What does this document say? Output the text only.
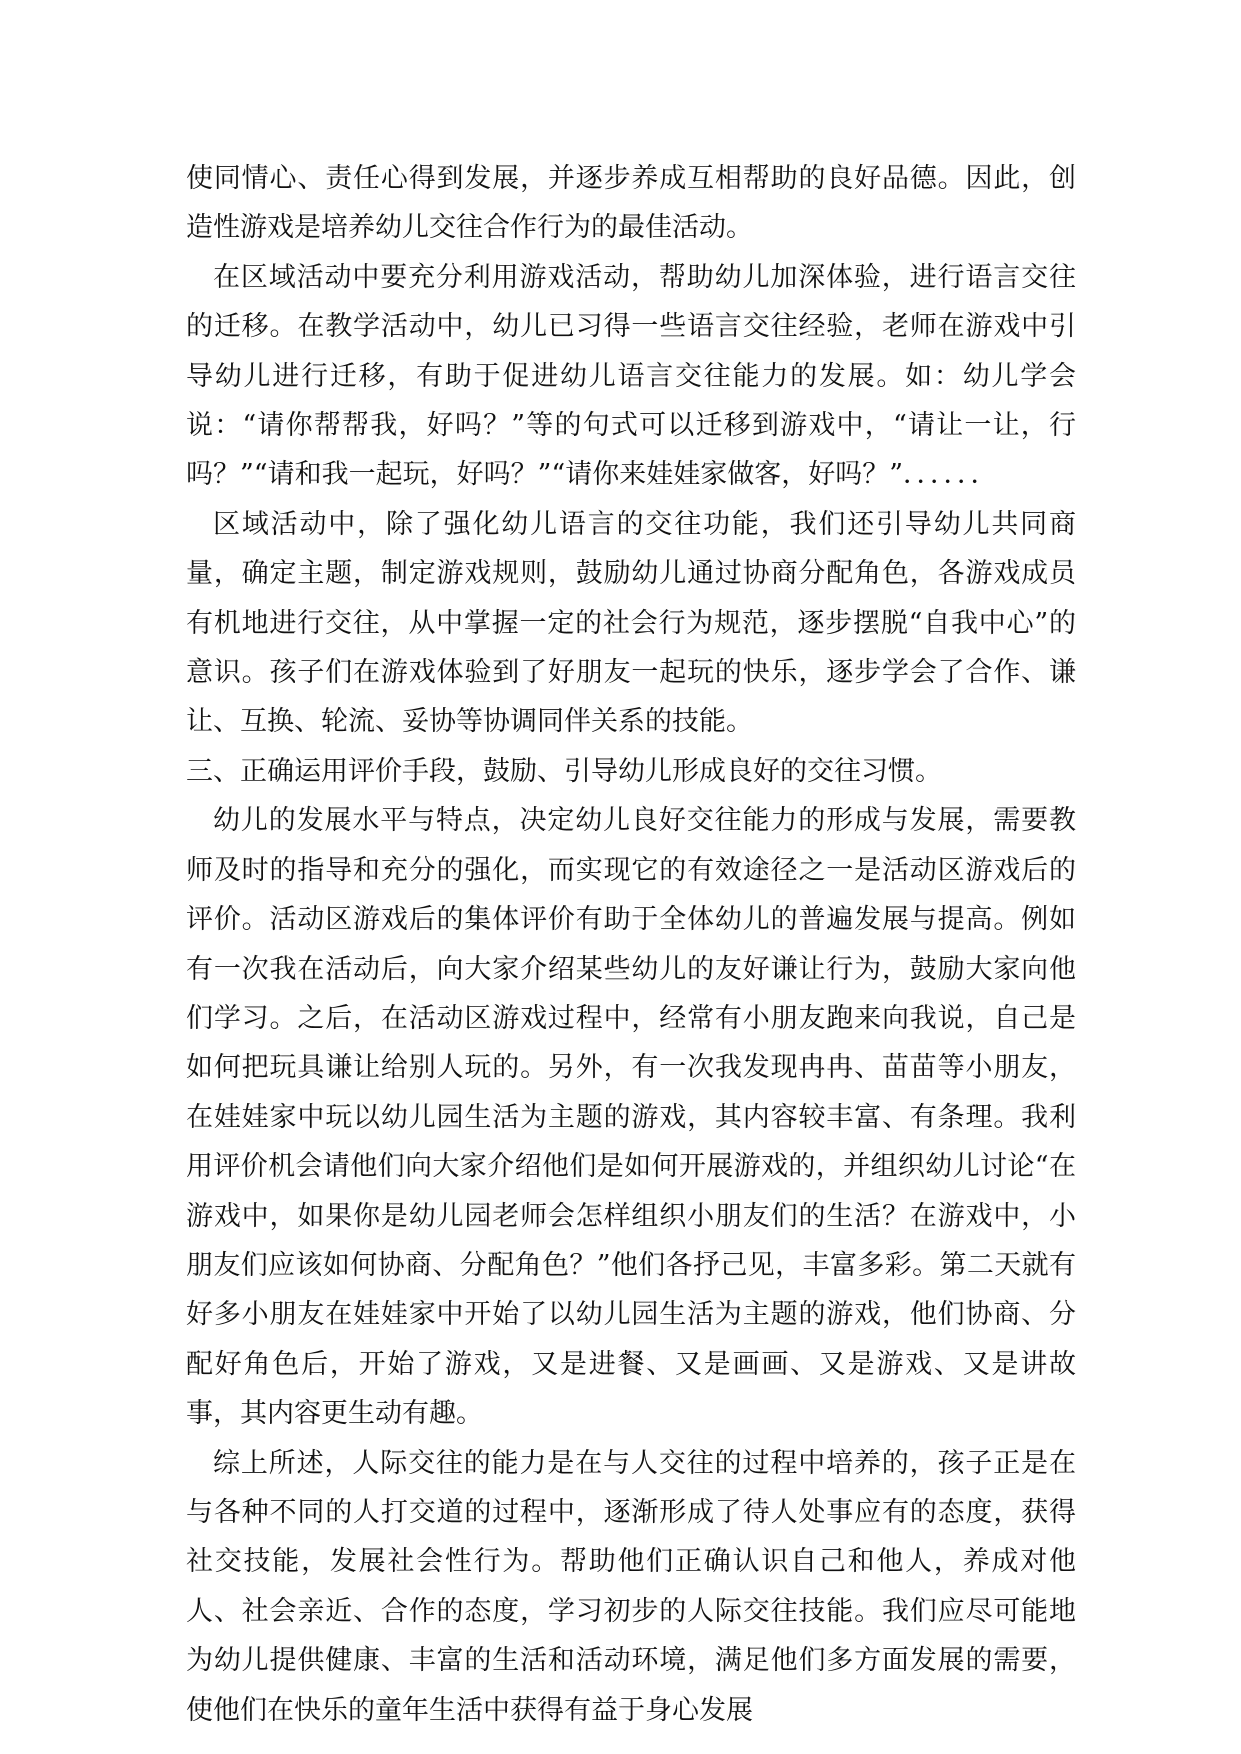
使同情心、责任心得到发展，并逐步养成互相帮助的良好品德。因此，创造性游戏是培养幼儿交往合作行为的最佳活动。

在区域活动中要充分利用游戏活动，帮助幼儿加深体验，进行语言交往的迁移。在教学活动中，幼儿已习得一些语言交往经验，老师在游戏中引导幼儿进行迁移，有助于促进幼儿语言交往能力的发展。如：幼儿学会说：“请你帮帮我，好吗？”等的句式可以迁移到游戏中，“请让一让，行吗？”“请和我一起玩，好吗？”“请你来娃娃家做客，好吗？”．．．．．．

区域活动中，除了强化幼儿语言的交往功能，我们还引导幼儿共同商量，确定主题，制定游戏规则，鼓励幼儿通过协商分配角色，各游戏成员有机地进行交往，从中掌握一定的社会行为规范，逐步摆脱“自我中心”的意识。孩子们在游戏体验到了好朋友一起玩的快乐，逐步学会了合作、谦让、互换、轮流、妥协等协调同伴关系的技能。

三、正确运用评价手段，鼓励、引导幼儿形成良好的交往习惯。

幼儿的发展水平与特点，决定幼儿良好交往能力的形成与发展，需要教师及时的指导和充分的强化，而实现它的有效途径之一是活动区游戏后的评价。活动区游戏后的集体评价有助于全体幼儿的普遍发展与提高。例如有一次我在活动后，向大家介绍某些幼儿的友好谦让行为，鼓励大家向他们学习。之后，在活动区游戏过程中，经常有小朋友跑来向我说，自己是如何把玩具谦让给别人玩的。另外，有一次我发现冉冉、苗苗等小朋友，在娃娃家中玩以幼儿园生活为主题的游戏，其内容较丰富、有条理。我利用评价机会请他们向大家介绍他们是如何开展游戏的，并组织幼儿讨论“在游戏中，如果你是幼儿园老师会怎样组织小朋友们的生活？在游戏中，小朋友们应该如何协商、分配角色？”他们各抒己见，丰富多彩。第二天就有好多小朋友在娃娃家中开始了以幼儿园生活为主题的游戏，他们协商、分配好角色后，开始了游戏，又是进餐、又是画画、又是游戏、又是讲故事，其内容更生动有趣。

综上所述，人际交往的能力是在与人交往的过程中培养的，孩子正是在与各种不同的人打交道的过程中，逐渐形成了待人处事应有的态度，获得社交技能，发展社会性行为。帮助他们正确认识自己和他人，养成对他人、社会亲近、合作的态度，学习初步的人际交往技能。我们应尽可能地为幼儿提供健康、丰富的生活和活动环境，满足他们多方面发展的需要，使他们在快乐的童年生活中获得有益于身心发展
